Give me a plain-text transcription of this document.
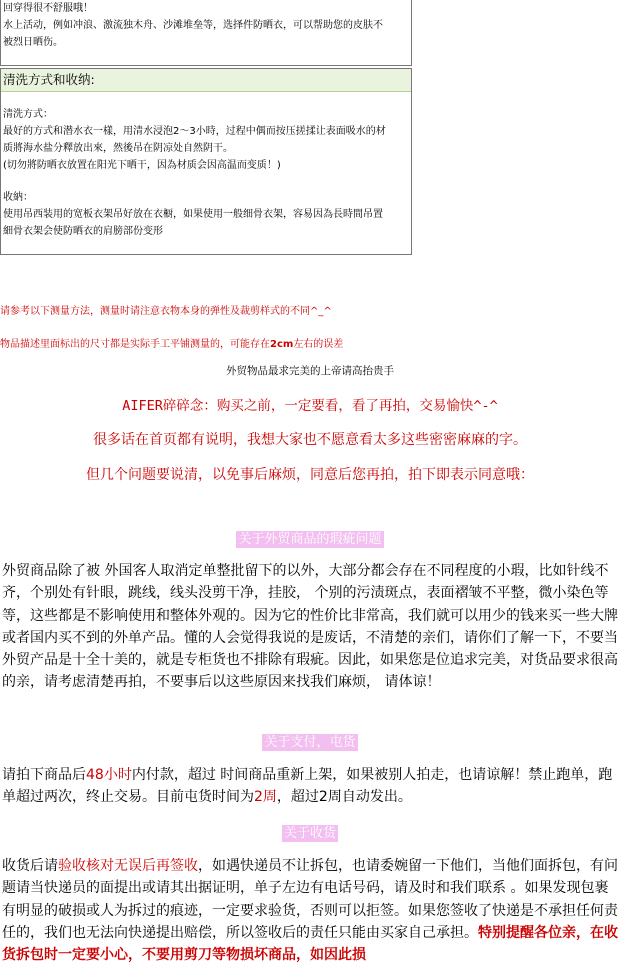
回穿得很不舒服哦！
水上活动，例如冲浪、激流独木舟、沙滩堆垒等，选择件防晒衣，可以帮助您的皮肤不
被烈日晒伤。
清洗方式和收纳:
清洗方式：
最好的方式和潜水衣一樣，用清水浸泡2～3小時，过程中偶而按压搓揉让表面吸水的材
质將海水盐分釋放出來，然後吊在阴凉处自然阴干。
(切勿將防晒衣放置在阳光下晒干，因為材质会因高温而变质！)
收納：
使用吊西装用的宽板衣架吊好放在衣橱，如果使用一般细骨衣架，容易因為長時間吊置
細骨衣架会使防晒衣的肩膀部份变形
请参考以下测量方法，测量时请注意衣物本身的弹性及裁剪样式的不同^_^
物品描述里面标出的尺寸都是实际手工平铺测量的，可能存在2cm左右的误差
外贸物品最求完美的上帝请高抬贵手
AIFER碎碎念：购买之前，一定要看，看了再拍，交易愉快^-^
很多话在首页都有说明，我想大家也不愿意看太多这些密密麻麻的字。
但几个问题要说清，以免事后麻烦，同意后您再拍，拍下即表示同意哦：
关于外贸商品的瑕疵问题
外贸商品除了被 外国客人取消定单整批留下的以外，大部分都会存在不同程度的小瑕，比如针线不齐，个别处有针眼，跳线，线头没剪干净，挂胶， 个别的污渍斑点，表面褶皱不平整，微小染色等等，这些都是不影响使用和整体外观的。因为它的性价比非常高，我们就可以用少的钱来买一些大牌或者国内买不到的外单产品。懂的人会觉得我说的是废话，不清楚的亲们，请你们了解一下，不要当外贸产品是十全十美的，就是专柜货也不排除有瑕疵。因此，如果您是位追求完美，对货品要求很高的亲，请考虑清楚再拍，不要事后以这些原因来找我们麻烦， 请体谅！
关于支付，屯货
请拍下商品后48小时内付款，超过 时间商品重新上架，如果被别人拍走，也请谅解！禁止跑单，跑单超过两次，终止交易。目前屯货时间为2周，超过2周自动发出。
关于收货
收货后请验收核对无误后再签收，如遇快递员不让拆包，也请委婉留一下他们，当他们面拆包，有问题请当快递员的面提出或请其出据证明，单子左边有电话号码，请及时和我们联系 。如果发现包裹有明显的破损或人为拆过的痕迹，一定要求验货，否则可以拒签。如果您签收了快递是不承担任何责任的，我们也无法向快递提出赔偿，所以签收后的责任只能由买家自己承担。特别提醒各位亲，在收 货拆包时一定要小心，不要用剪刀等物损坏商品，如因此损
